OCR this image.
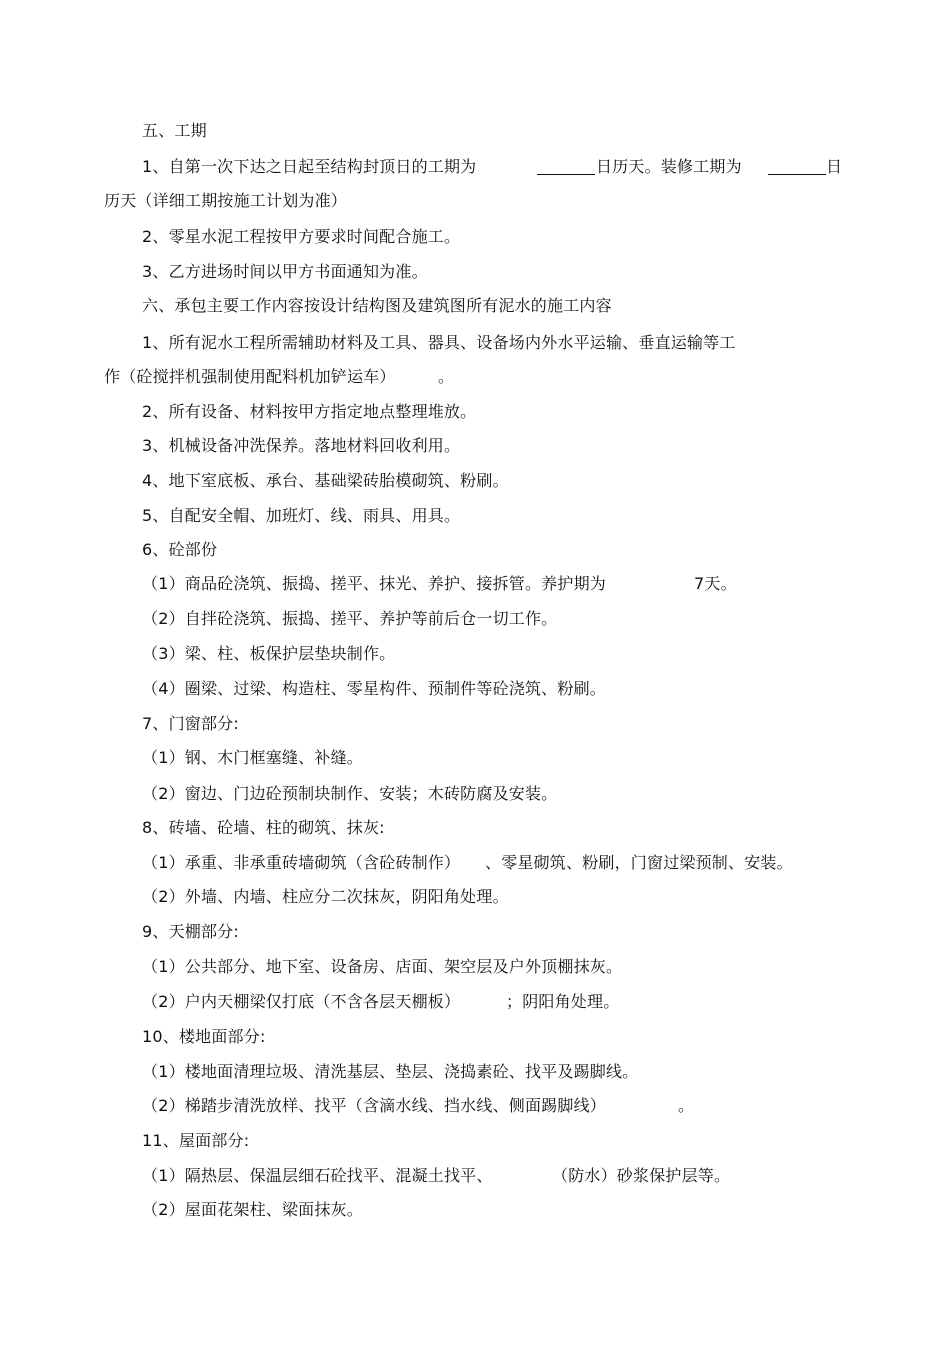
五、工期
1、自第一次下达之日起至结构封顶日的工期为	日历天。装修工期为	日
历天（详细工期按施工计划为准）
2、零星水泥工程按甲方要求时间配合施工。
3、乙方进场时间以甲方书面通知为准。
六、承包主要工作内容按设计结构图及建筑图所有泥水的施工内容
1、所有泥水工程所需辅助材料及工具、器具、设备场内外水平运输、垂直运输等工
作（砼搅拌机强制使用配料机加铲运车）	。
2、所有设备、材料按甲方指定地点整理堆放。
3、机械设备冲洗保养。落地材料回收利用。
4、地下室底板、承台、基础梁砖胎模砌筑、粉刷。
5、自配安全帽、加班灯、线、雨具、用具。
6、砼部份
（1）商品砼浇筑、振捣、搓平、抹光、养护、接拆管。养护期为	7天。
（2）自拌砼浇筑、振捣、搓平、养护等前后仓一切工作。
（3）梁、柱、板保护层垫块制作。
（4）圈梁、过梁、构造柱、零星构件、预制件等砼浇筑、粉刷。
7、门窗部分:
（1）钢、木门框塞缝、补缝。
（2）窗边、门边砼预制块制作、安装；木砖防腐及安装。
8、砖墙、砼墙、柱的砌筑、抹灰:
（1）承重、非承重砖墙砌筑（含砼砖制作） 、零星砌筑、粉刷，门窗过梁预制、安装。
（2）外墙、内墙、柱应分二次抹灰，阴阳角处理。
9、天棚部分:
（1）公共部分、地下室、设备房、店面、架空层及户外顶棚抹灰。
（2）户内天棚梁仅打底（不含各层天棚板）	；阴阳角处理。
10、楼地面部分:
（1）楼地面清理垃圾、清洗基层、垫层、浇捣素砼、找平及踢脚线。
（2）梯踏步清洗放样、找平（含滴水线、挡水线、侧面踢脚线）	。
11、屋面部分:
（1）隔热层、保温层细石砼找平、混凝土找平、	（防水）砂浆保护层等。
（2）屋面花架柱、梁面抹灰。
